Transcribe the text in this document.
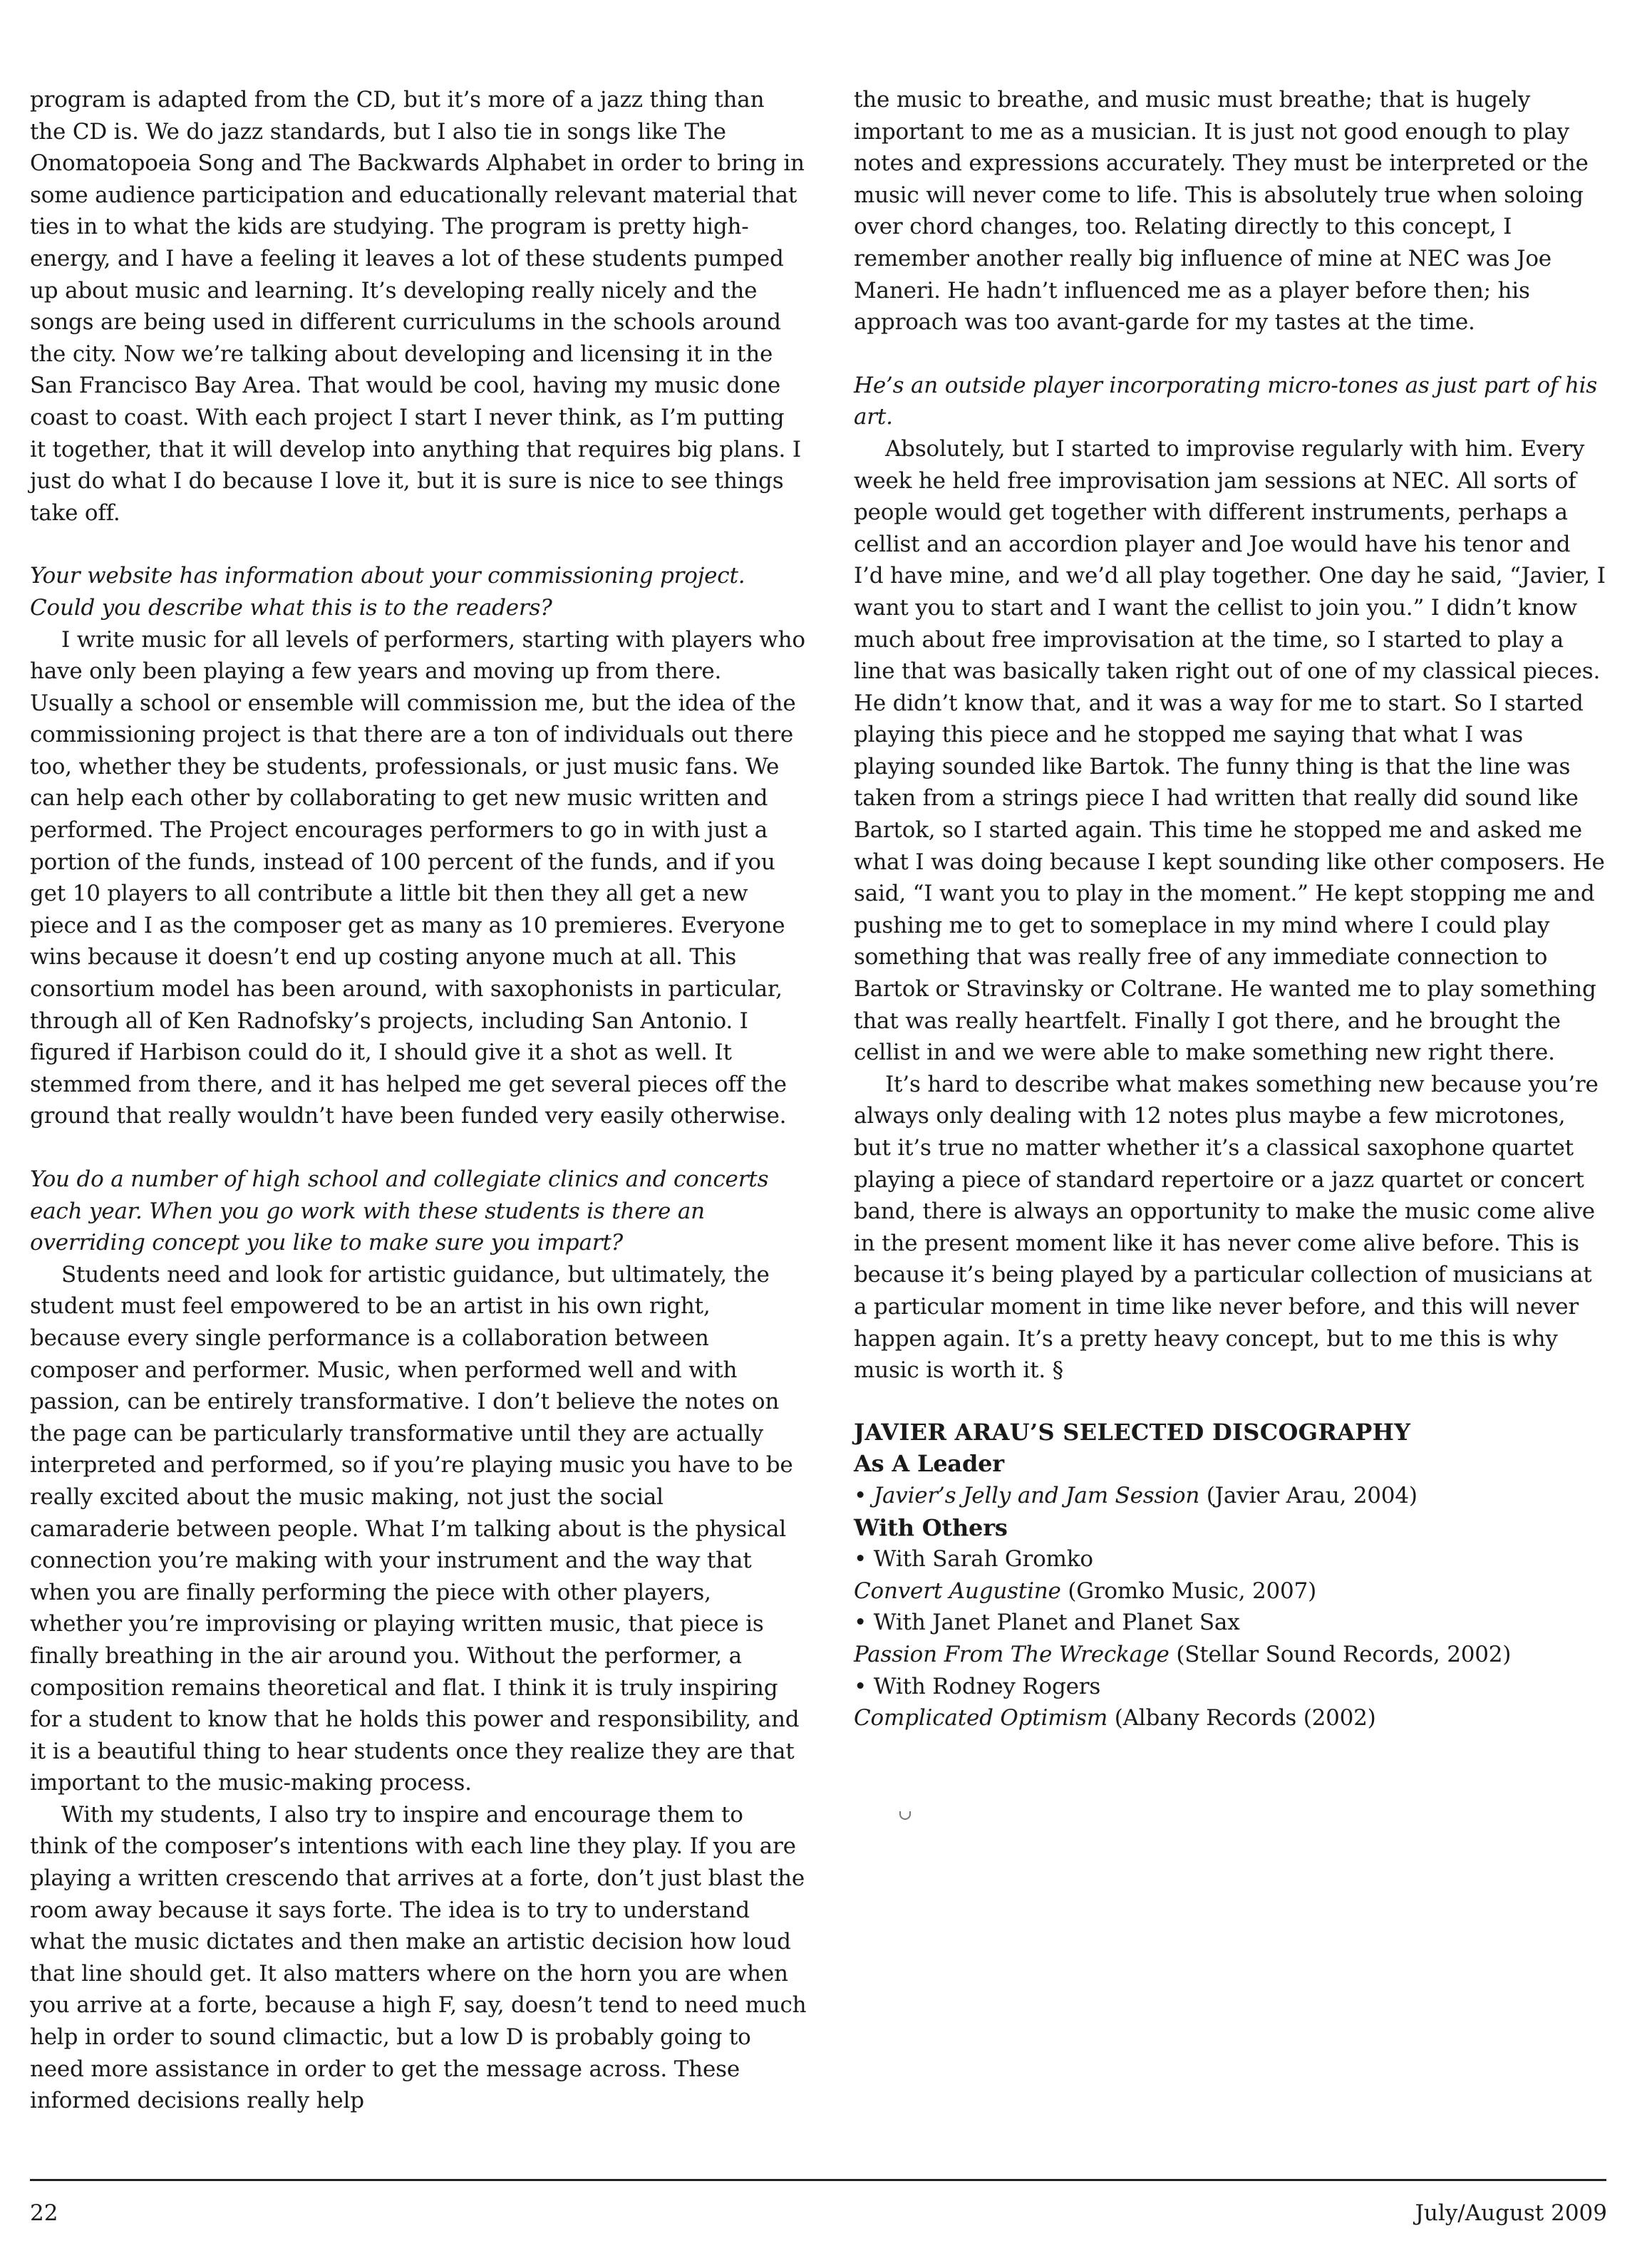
program is adapted from the CD, but it’s more of a jazz thing than the CD is. We do jazz standards, but I also tie in songs like The Onomatopoeia Song and The Backwards Alphabet in order to bring in some audience participation and educationally relevant material that ties in to what the kids are studying. The program is pretty high-energy, and I have a feeling it leaves a lot of these students pumped up about music and learning. It’s developing really nicely and the songs are being used in different curriculums in the schools around the city. Now we’re talking about developing and licensing it in the San Francisco Bay Area. That would be cool, having my music done coast to coast. With each project I start I never think, as I’m putting it together, that it will develop into anything that requires big plans. I just do what I do because I love it, but it is sure is nice to see things take off.

Your website has information about your commissioning project. Could you describe what this is to the readers?

I write music for all levels of performers, starting with players who have only been playing a few years and moving up from there. Usually a school or ensemble will commission me, but the idea of the commissioning project is that there are a ton of individuals out there too, whether they be students, professionals, or just music fans. We can help each other by collaborating to get new music written and performed. The Project encourages performers to go in with just a portion of the funds, instead of 100 percent of the funds, and if you get 10 players to all contribute a little bit then they all get a new piece and I as the composer get as many as 10 premieres. Everyone wins because it doesn’t end up costing anyone much at all. This consortium model has been around, with saxophonists in particular, through all of Ken Radnofsky’s projects, including San Antonio. I figured if Harbison could do it, I should give it a shot as well. It stemmed from there, and it has helped me get several pieces off the ground that really wouldn’t have been funded very easily otherwise.

You do a number of high school and collegiate clinics and concerts each year. When you go work with these students is there an overriding concept you like to make sure you impart?

Students need and look for artistic guidance, but ultimately, the student must feel empowered to be an artist in his own right, because every single performance is a collaboration between composer and performer. Music, when performed well and with passion, can be entirely transformative. I don’t believe the notes on the page can be particularly transformative until they are actually interpreted and performed, so if you’re playing music you have to be really excited about the music making, not just the social camaraderie between people. What I’m talking about is the physical connection you’re making with your instrument and the way that when you are finally performing the piece with other players, whether you’re improvising or playing written music, that piece is finally breathing in the air around you. Without the performer, a composition remains theoretical and flat. I think it is truly inspiring for a student to know that he holds this power and responsibility, and it is a beautiful thing to hear students once they realize they are that important to the music-making process.

With my students, I also try to inspire and encourage them to think of the composer’s intentions with each line they play. If you are playing a written crescendo that arrives at a forte, don’t just blast the room away because it says forte. The idea is to try to understand what the music dictates and then make an artistic decision how loud that line should get. It also matters where on the horn you are when you arrive at a forte, because a high F, say, doesn’t tend to need much help in order to sound climactic, but a low D is probably going to need more assistance in order to get the message across. These informed decisions really help

the music to breathe, and music must breathe; that is hugely important to me as a musician. It is just not good enough to play notes and expressions accurately. They must be interpreted or the music will never come to life. This is absolutely true when soloing over chord changes, too. Relating directly to this concept, I remember another really big influence of mine at NEC was Joe Maneri. He hadn’t influenced me as a player before then; his approach was too avant-garde for my tastes at the time.

He’s an outside player incorporating micro-tones as just part of his art.

Absolutely, but I started to improvise regularly with him. Every week he held free improvisation jam sessions at NEC. All sorts of people would get together with different instruments, perhaps a cellist and an accordion player and Joe would have his tenor and I’d have mine, and we’d all play together. One day he said, “Javier, I want you to start and I want the cellist to join you.” I didn’t know much about free improvisation at the time, so I started to play a line that was basically taken right out of one of my classical pieces. He didn’t know that, and it was a way for me to start. So I started playing this piece and he stopped me saying that what I was playing sounded like Bartok. The funny thing is that the line was taken from a strings piece I had written that really did sound like Bartok, so I started again. This time he stopped me and asked me what I was doing because I kept sounding like other composers. He said, “I want you to play in the moment.” He kept stopping me and pushing me to get to someplace in my mind where I could play something that was really free of any immediate connection to Bartok or Stravinsky or Coltrane. He wanted me to play something that was really heartfelt. Finally I got there, and he brought the cellist in and we were able to make something new right there.

It’s hard to describe what makes something new because you’re always only dealing with 12 notes plus maybe a few microtones, but it’s true no matter whether it’s a classical saxophone quartet playing a piece of standard repertoire or a jazz quartet or concert band, there is always an opportunity to make the music come alive in the present moment like it has never come alive before. This is because it’s being played by a particular collection of musicians at a particular moment in time like never before, and this will never happen again. It’s a pretty heavy concept, but to me this is why music is worth it. §

JAVIER ARAU’S SELECTED DISCOGRAPHY
As A Leader
• Javier’s Jelly and Jam Session (Javier Arau, 2004)
With Others
• With Sarah Gromko
Convert Augustine (Gromko Music, 2007)
• With Janet Planet and Planet Sax
Passion From The Wreckage (Stellar Sound Records, 2002)
• With Rodney Rogers
Complicated Optimism (Albany Records (2002)
22	July/August 2009
